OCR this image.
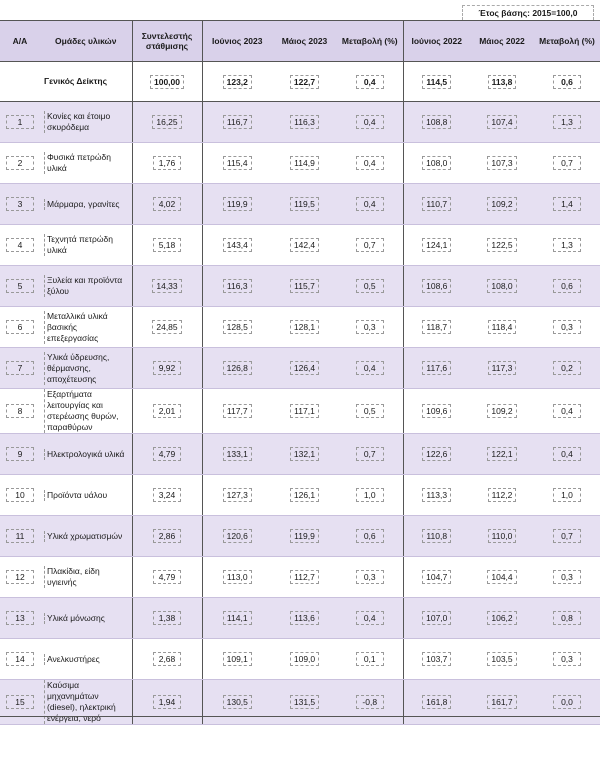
Έτος βάσης: 2015=100,0
Α/Α	Ομάδες υλικών	Συντελεστής στάθμισης	Ιούνιος 2023	Μάιος 2023	Μεταβολή (%)	Ιούνιος 2022	Μάιος 2022	Μεταβολή (%)
	Γενικός Δείκτης	100,00	123,2	122,7	0,4	114,5	113,8	0,6
1	Κονίες και έτοιμο σκυρόδεμα	16,25	116,7	116,3	0,4	108,8	107,4	1,3
2	Φυσικά πετρώδη υλικά	1,76	115,4	114,9	0,4	108,0	107,3	0,7
3	Μάρμαρα, γρανίτες	4,02	119,9	119,5	0,4	110,7	109,2	1,4
4	Τεχνητά πετρώδη υλικά	5,18	143,4	142,4	0,7	124,1	122,5	1,3
5	Ξυλεία και προϊόντα ξύλου	14,33	116,3	115,7	0,5	108,6	108,0	0,6
6	Μεταλλικά υλικά βασικής επεξεργασίας	24,85	128,5	128,1	0,3	118,7	118,4	0,3
7	Υλικά ύδρευσης, θέρμανσης, αποχέτευσης	9,92	126,8	126,4	0,4	117,6	117,3	0,2
8	Εξαρτήματα λειτουργίας και στερέωσης θυρών, παραθύρων	2,01	117,7	117,1	0,5	109,6	109,2	0,4
9	Ηλεκτρολογικά υλικά	4,79	133,1	132,1	0,7	122,6	122,1	0,4
10	Προϊόντα υάλου	3,24	127,3	126,1	1,0	113,3	112,2	1,0
11	Υλικά χρωματισμών	2,86	120,6	119,9	0,6	110,8	110,0	0,7
12	Πλακίδια, είδη υγιεινής	4,79	113,0	112,7	0,3	104,7	104,4	0,3
13	Υλικά μόνωσης	1,38	114,1	113,6	0,4	107,0	106,2	0,8
14	Ανελκυστήρες	2,68	109,1	109,0	0,1	103,7	103,5	0,3
15	Καύσιμα μηχανημάτων (diesel), ηλεκτρική ενέργεια, νερό	1,94	130,5	131,5	-0,8	161,8	161,7	0,0
